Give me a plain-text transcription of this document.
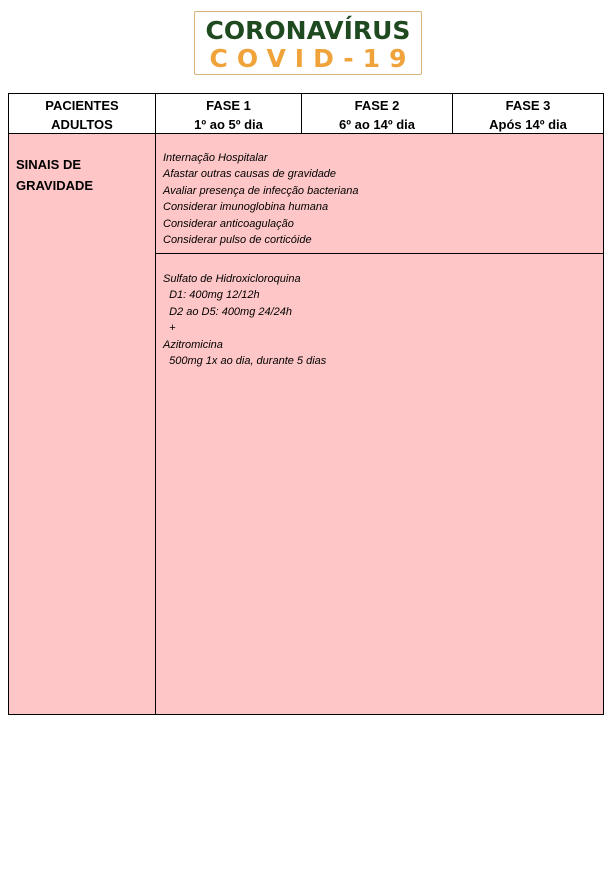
CORONAVÍRUS
COVID-19
PACIENTES
ADULTOS
FASE 1
1º ao 5º dia
FASE 2
6º ao 14º dia
FASE 3
Após 14º dia
SINAIS DE
GRAVIDADE
Internação Hospitalar
Afastar outras causas de gravidade
Avaliar presença de infecção bacteriana
Considerar imunoglobina humana
Considerar anticoagulação
Considerar pulso de corticóide
Sulfato de Hidroxicloroquina
D1: 400mg 12/12h
D2 ao D5: 400mg 24/24h
+
Azitromicina
500mg 1x ao dia, durante 5 dias
